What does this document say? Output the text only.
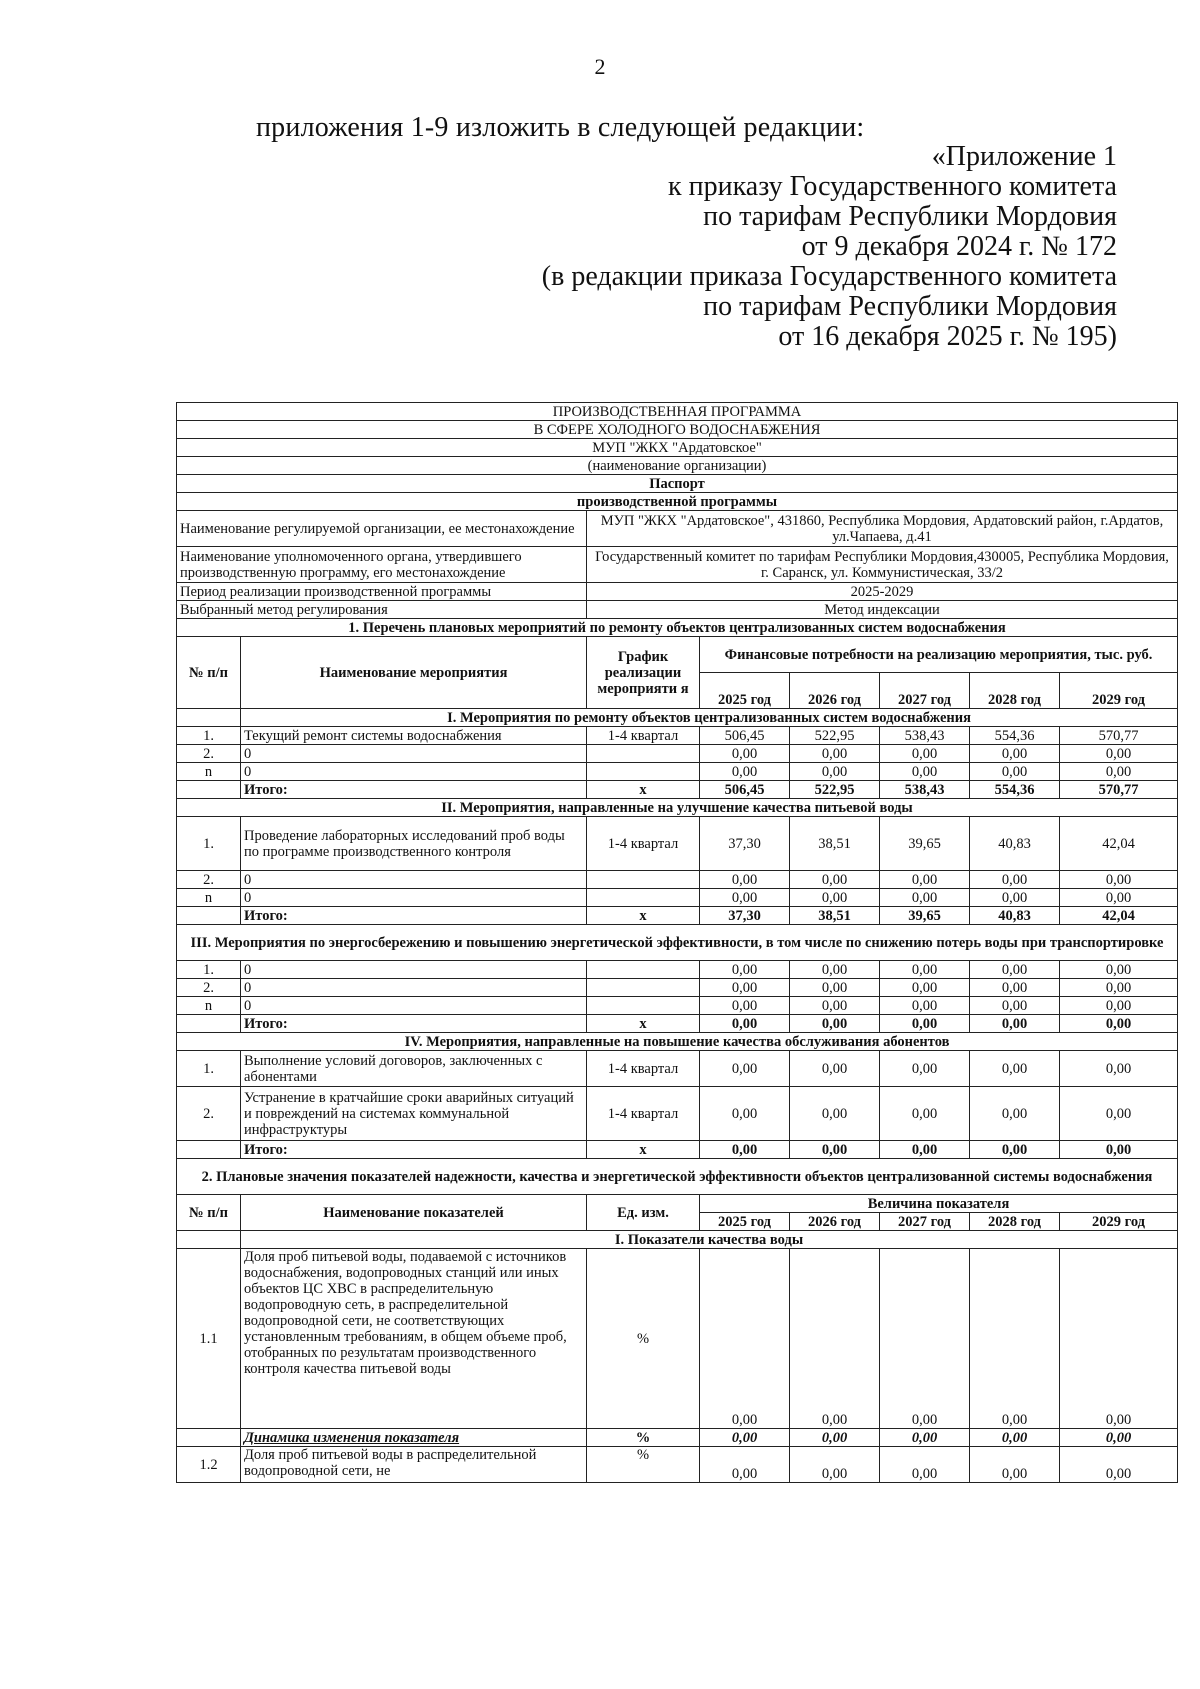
2
приложения 1-9 изложить в следующей редакции:
«Приложение 1
к приказу Государственного комитета
по тарифам Республики Мордовия
от 9 декабря 2024 г. № 172
(в редакции приказа Государственного комитета
по тарифам Республики Мордовия
от 16 декабря 2025 г. № 195)
ПРОИЗВОДСТВЕННАЯ ПРОГРАММА							
В СФЕРЕ ХОЛОДНОГО ВОДОСНАБЖЕНИЯ							
МУП "ЖКХ "Ардатовское"							
(наименование организации)							
Паспорт							
производственной программы							
Наименование регулируемой организации, ее местонахождение		МУП "ЖКХ "Ардатовское", 431860, Республика Мордовия, Ардатовский район, г.Ардатов, ул.Чапаева, д.41					
Наименование уполномоченного органа, утвердившего производственную программу, его местонахождение		Государственный комитет по тарифам Республики Мордовия,430005, Республика Мордовия, г. Саранск, ул. Коммунистическая, 33/2					
Период реализации производственной программы		2025-2029					
Выбранный метод регулирования		Метод индексации					
1. Перечень плановых мероприятий по ремонту объектов централизованных систем водоснабжения							
№ п/п	Наименование мероприятия	График реализации мероприяти я	Финансовые потребности на реализацию мероприятия, тыс. руб.				
			2025 год	2026 год	2027 год	2028 год	2029 год
	I. Мероприятия по ремонту объектов централизованных систем водоснабжения						
1.	Текущий ремонт системы водоснабжения	1-4 квартал	506,45	522,95	538,43	554,36	570,77
2.	0		0,00	0,00	0,00	0,00	0,00
n	0		0,00	0,00	0,00	0,00	0,00
	Итого:	х	506,45	522,95	538,43	554,36	570,77
II. Мероприятия, направленные на улучшение качества питьевой воды							
1.	Проведение лабораторных исследований проб воды по программе производственного контроля	1-4 квартал	37,30	38,51	39,65	40,83	42,04
2.	0		0,00	0,00	0,00	0,00	0,00
n	0		0,00	0,00	0,00	0,00	0,00
	Итого:	х	37,30	38,51	39,65	40,83	42,04
III. Мероприятия по энергосбережению и повышению энергетической эффективности, в том числе по снижению потерь воды при транспортировке							
1.	0		0,00	0,00	0,00	0,00	0,00
2.	0		0,00	0,00	0,00	0,00	0,00
n	0		0,00	0,00	0,00	0,00	0,00
	Итого:	х	0,00	0,00	0,00	0,00	0,00
IV. Мероприятия, направленные на повышение качества обслуживания абонентов							
1.	Выполнение условий договоров, заключенных с абонентами	1-4 квартал	0,00	0,00	0,00	0,00	0,00
2.	Устранение в кратчайшие сроки аварийных ситуаций и повреждений на системах коммунальной инфраструктуры	1-4 квартал	0,00	0,00	0,00	0,00	0,00
	Итого:	х	0,00	0,00	0,00	0,00	0,00
2. Плановые значения показателей надежности, качества и энергетической эффективности объектов централизованной системы водоснабжения							
№ п/п	Наименование показателей	Ед. изм.	Величина показателя				
			2025 год	2026 год	2027 год	2028 год	2029 год
	I. Показатели качества воды						
1.1	Доля проб питьевой воды, подаваемой с источников водоснабжения, водопроводных станций или иных объектов ЦС ХВС в распределительную водопроводную сеть, в распределительной водопроводной сети, не соответствующих установленным требованиям, в общем объеме проб, отобранных по результатам производственного контроля качества питьевой воды	%	0,00	0,00	0,00	0,00	0,00
	Динамика изменения показателя	%	0,00	0,00	0,00	0,00	0,00
1.2	Доля проб питьевой воды в распределительной водопроводной сети, не	%	0,00	0,00	0,00	0,00	0,00
